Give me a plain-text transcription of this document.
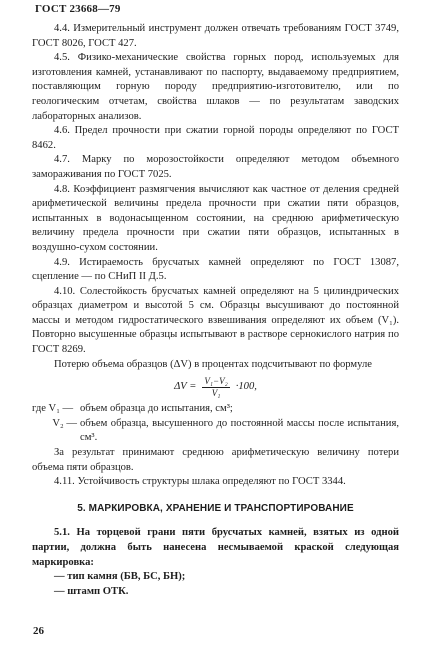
ГОСТ 23668—79

4.4. Измерительный инструмент должен отвечать требованиям ГОСТ 3749, ГОСТ 8026, ГОСТ 427.

4.5. Физико-механические свойства горных пород, используемых для изготовления камней, устанавливают по паспорту, выдаваемому предприятием, поставляющим горную породу предприятию-изготовителю, или по геологическим отчетам, свойства шлаков — по результатам заводских лабораторных анализов.

4.6. Предел прочности при сжатии горной породы определяют по ГОСТ 8462.

4.7. Марку по морозостойкости определяют методом объемного замораживания по ГОСТ 7025.

4.8. Коэффициент размягчения вычисляют как частное от деления средней арифметической величины предела прочности при сжатии пяти образцов, испытанных в водонасыщенном состоянии, на среднюю арифметическую величину предела прочности при сжатии пяти образцов, испытанных в воздушно-сухом состоянии.

4.9. Истираемость брусчатых камней определяют по ГОСТ 13087, сцепление — по СНиП II Д.5.

4.10. Солестойкость брусчатых камней определяют на 5 цилиндрических образцах диаметром и высотой 5 см. Образцы высушивают до постоянной массы и методом гидростатического взвешивания определяют их объем (V₁). Повторно высушенные образцы испытывают в растворе сернокислого натрия по ГОСТ 8269.

Потерю объема образцов (ΔV) в процентах подсчитывают по формуле

$\Delta V = \frac{\text{V₁−V₂}}{\text{V₁}} \cdot 100$,
где V₁ — объем образца до испытания, см³;
V₂ — объем образца, высушенного до постоянной массы после испытания, см³.

За результат принимают среднюю арифметическую величину потери объема пяти образцов.

4.11. Устойчивость структуры шлака определяют по ГОСТ 3344.

5. МАРКИРОВКА, ХРАНЕНИЕ И ТРАНСПОРТИРОВАНИЕ

5.1. На торцевой грани пяти брусчатых камней, взятых из одной партии, должна быть нанесена несмываемой краской следующая маркировка:

— тип камня (БВ, БС, БН);
— штамп ОТК.
26
